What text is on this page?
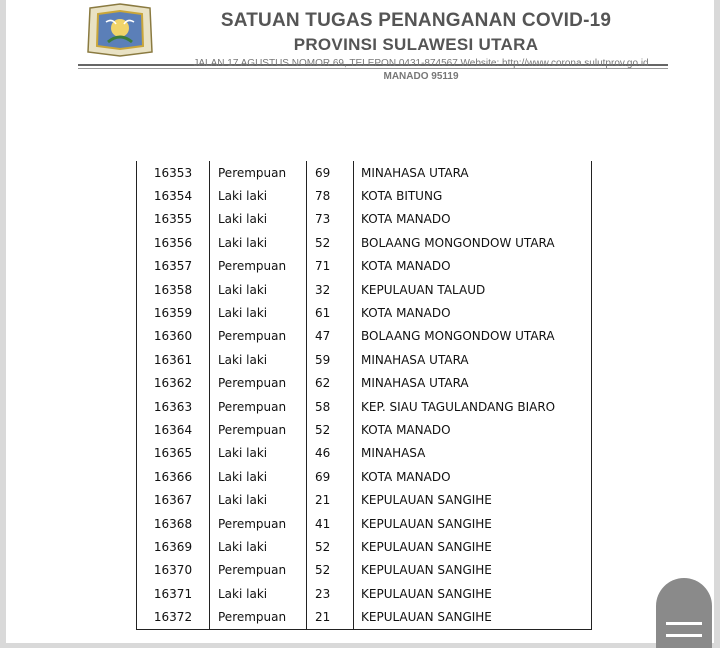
SATUAN TUGAS PENANGANAN COVID-19
PROVINSI SULAWESI UTARA
JALAN 17 AGUSTUS NOMOR 69, TELEPON 0431-874567 Website: http://www.corona.sulutprov.go.id
MANADO 95119
16353	Perempuan	69	MINAHASA UTARA
16354	Laki laki	78	KOTA BITUNG
16355	Laki laki	73	KOTA MANADO
16356	Laki laki	52	BOLAANG MONGONDOW UTARA
16357	Perempuan	71	KOTA MANADO
16358	Laki laki	32	KEPULAUAN TALAUD
16359	Laki laki	61	KOTA MANADO
16360	Perempuan	47	BOLAANG MONGONDOW UTARA
16361	Laki laki	59	MINAHASA UTARA
16362	Perempuan	62	MINAHASA UTARA
16363	Perempuan	58	KEP. SIAU TAGULANDANG BIARO
16364	Perempuan	52	KOTA MANADO
16365	Laki laki	46	MINAHASA
16366	Laki laki	69	KOTA MANADO
16367	Laki laki	21	KEPULAUAN SANGIHE
16368	Perempuan	41	KEPULAUAN SANGIHE
16369	Laki laki	52	KEPULAUAN SANGIHE
16370	Perempuan	52	KEPULAUAN SANGIHE
16371	Laki laki	23	KEPULAUAN SANGIHE
16372	Perempuan	21	KEPULAUAN SANGIHE
